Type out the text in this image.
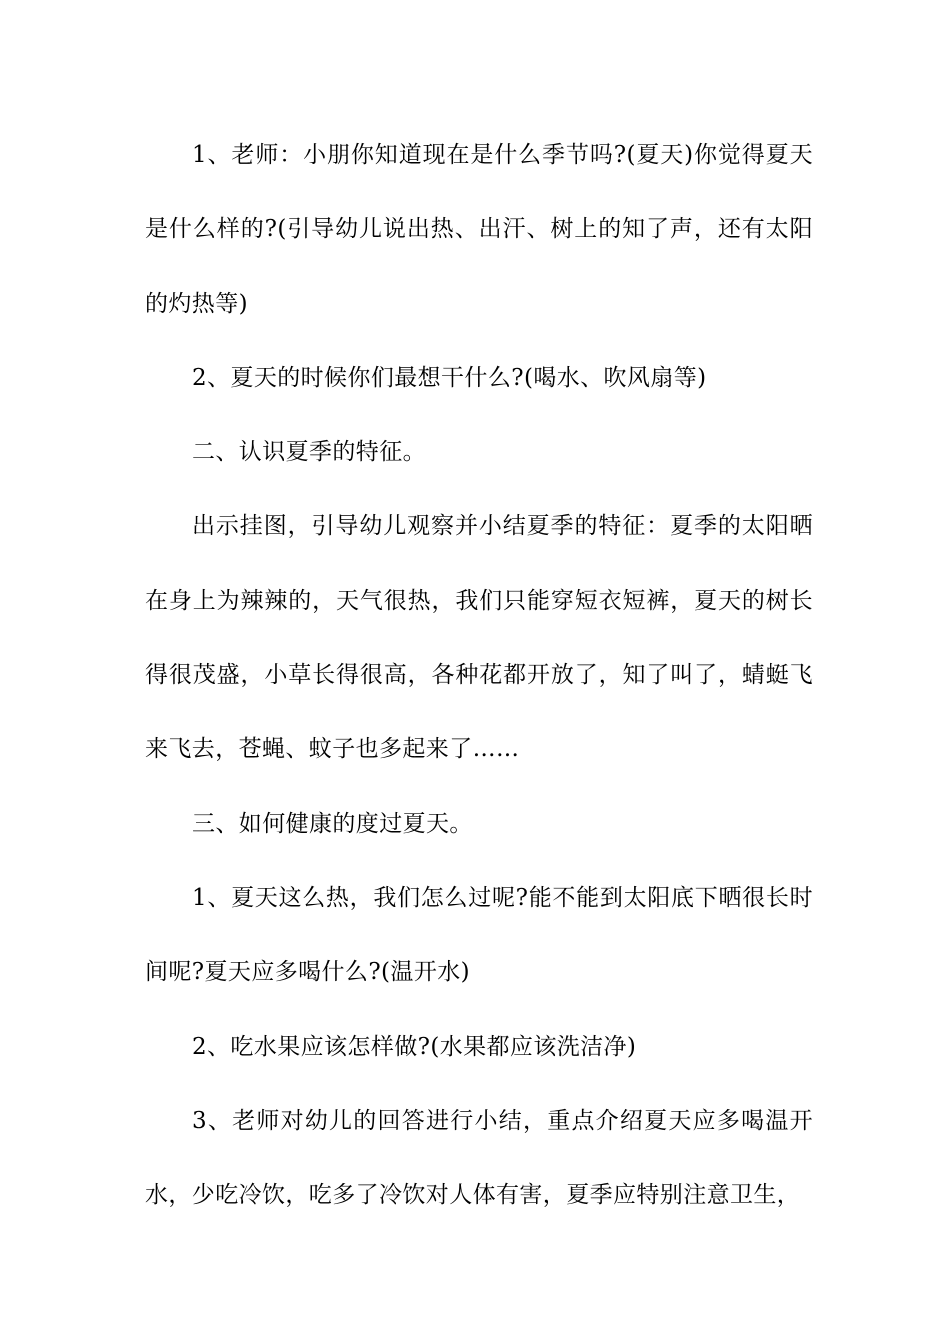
1、老师：小朋你知道现在是什么季节吗?(夏天)你觉得夏天是什么样的?(引导幼儿说出热、出汗、树上的知了声，还有太阳的灼热等)

2、夏天的时候你们最想干什么?(喝水、吹风扇等)

二、认识夏季的特征。

出示挂图，引导幼儿观察并小结夏季的特征：夏季的太阳晒在身上为辣辣的，天气很热，我们只能穿短衣短裤，夏天的树长得很茂盛，小草长得很高，各种花都开放了，知了叫了，蜻蜓飞来飞去，苍蝇、蚊子也多起来了……

三、如何健康的度过夏天。

1、夏天这么热，我们怎么过呢?能不能到太阳底下晒很长时间呢?夏天应多喝什么?(温开水)

2、吃水果应该怎样做?(水果都应该洗洁净)

3、老师对幼儿的回答进行小结，重点介绍夏天应多喝温开水，少吃冷饮，吃多了冷饮对人体有害，夏季应特别注意卫生，
